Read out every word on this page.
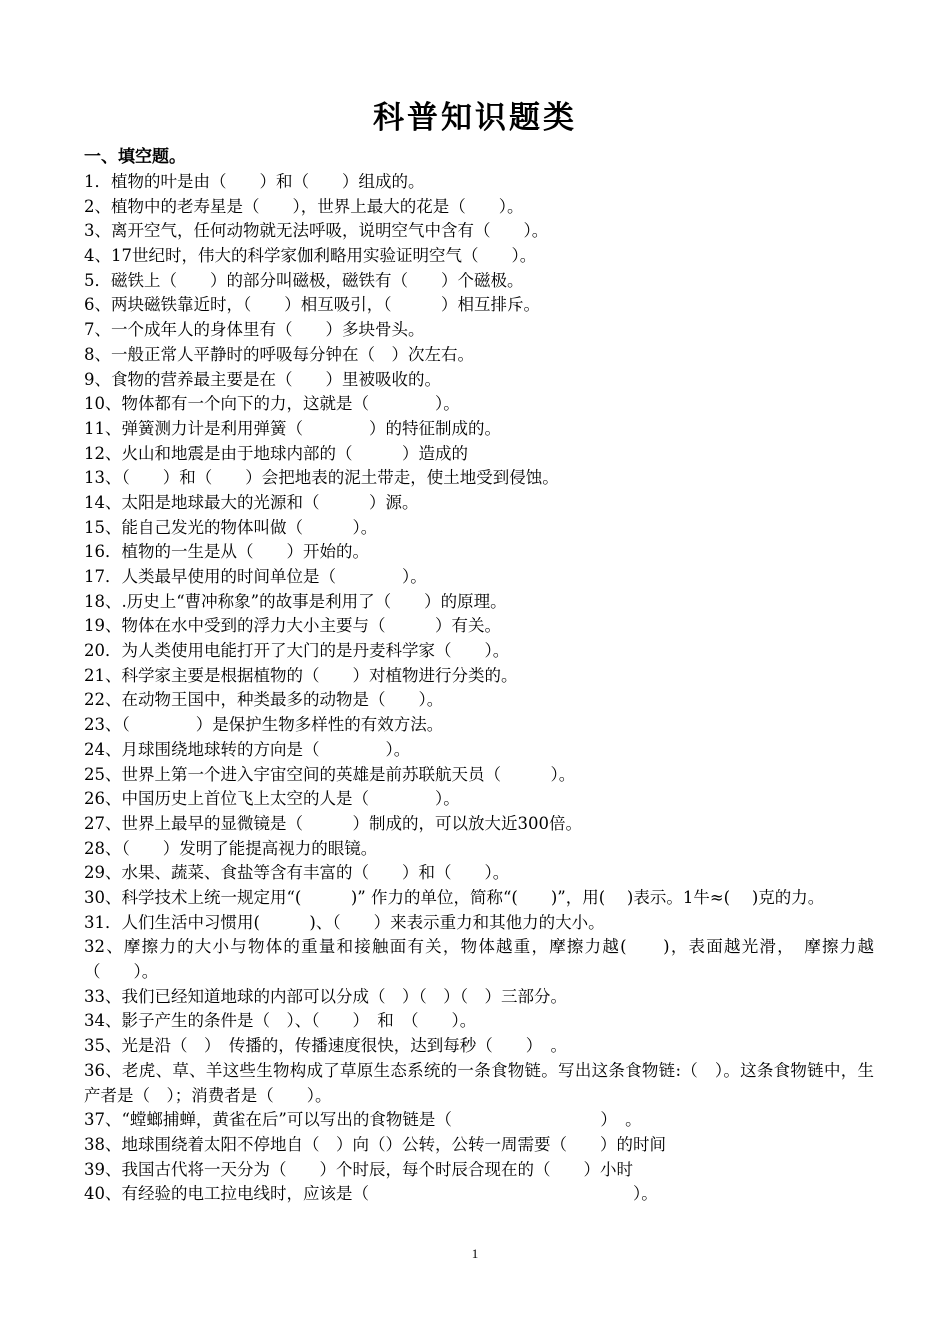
科普知识题类
一、填空题。
1．植物的叶是由（　　）和（　　）组成的。
2、植物中的老寿星是（　　），世界上最大的花是（　　）。
3、离开空气，任何动物就无法呼吸，说明空气中含有（　　）。
4、17世纪时，伟大的科学家伽利略用实验证明空气（　　）。
5．磁铁上（　　）的部分叫磁极，磁铁有（　　）个磁极。
6、两块磁铁靠近时，（　　）相互吸引，（　　　）相互排斥。
7、一个成年人的身体里有（　　）多块骨头。
8、一般正常人平静时的呼吸每分钟在（　）次左右。
9、食物的营养最主要是在（　　）里被吸收的。
10、物体都有一个向下的力，这就是（　　　　）。
11、弹簧测力计是利用弹簧（　　　　）的特征制成的。
12、火山和地震是由于地球内部的（　　　）造成的
13、（　　）和（　　）会把地表的泥土带走，使土地受到侵蚀。
14、太阳是地球最大的光源和（　　　）源。
15、能自己发光的物体叫做（　　　）。
16．植物的一生是从（　　）开始的。
17．人类最早使用的时间单位是（　　　　）。
18、.历史上“曹冲称象”的故事是利用了（　　）的原理。
19、物体在水中受到的浮力大小主要与（　　　）有关。
20．为人类使用电能打开了大门的是丹麦科学家（　　）。
21、科学家主要是根据植物的（　　）对植物进行分类的。
22、在动物王国中，种类最多的动物是（　　）。
23、（　　　　）是保护生物多样性的有效方法。
24、月球围绕地球转的方向是（　　　　）。
25、世界上第一个进入宇宙空间的英雄是前苏联航天员（　　　）。
26、中国历史上首位飞上太空的人是（　　　　）。
27、世界上最早的显微镜是（　　　）制成的，可以放大近300倍。
28、（　　）发明了能提高视力的眼镜。
29、水果、蔬菜、食盐等含有丰富的（　　）和（　　）。
30、科学技术上统一规定用“(　　　)” 作力的单位，简称“(　　)”，用(　 )表示。1牛≈(　 )克的力。
31．人们生活中习惯用(　　　)、（　　）来表示重力和其他力的大小。
32、摩擦力的大小与物体的重量和接触面有关，物体越重，摩擦力越(　　)，表面越光滑，　摩擦力越（　　）。
33、我们已经知道地球的内部可以分成（　）（　）（　）三部分。
34、影子产生的条件是（　）、（　　）　和　（　　）。
35、光是沿（　）　传播的，传播速度很快，达到每秒（　　）　。
36、老虎、草、羊这些生物构成了草原生态系统的一条食物链。写出这条食物链:（　）。这条食物链中，生产者是（　）；消费者是（　　）。
37、“螳螂捕蝉，黄雀在后”可以写出的食物链是（　　　　　　　　　）　。
38、地球围绕着太阳不停地自（　）向（）公转，公转一周需要（　　）的时间
39、我国古代将一天分为（　　）个时辰，每个时辰合现在的（　　）小时
40、有经验的电工拉电线时，应该是（　　　　　　　　　　　　　　　　）。
1
